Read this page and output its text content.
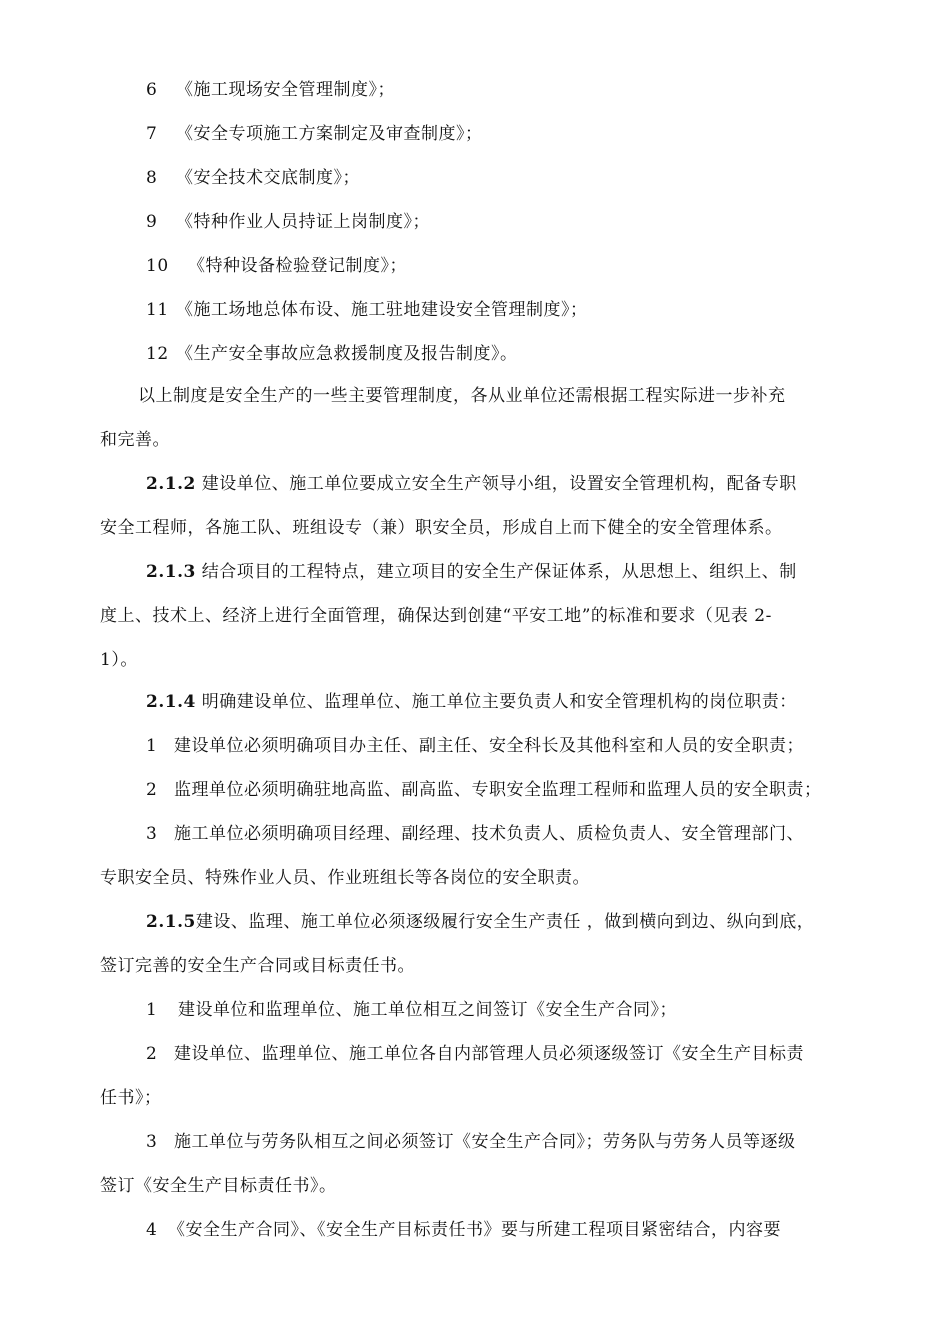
6 《施工现场安全管理制度》；
7 《安全专项施工方案制定及审查制度》；
8 《安全技术交底制度》；
9 《特种作业人员持证上岗制度》；
10 《特种设备检验登记制度》；
11 《施工场地总体布设、施工驻地建设安全管理制度》；
12 《生产安全事故应急救援制度及报告制度》。
以上制度是安全生产的一些主要管理制度，各从业单位还需根据工程实际进一步补充
和完善。
2.1.2 建设单位、施工单位要成立安全生产领导小组，设置安全管理机构，配备专职
安全工程师，各施工队、班组设专（兼）职安全员，形成自上而下健全的安全管理体系。
2.1.3 结合项目的工程特点，建立项目的安全生产保证体系，从思想上、组织上、制
度上、技术上、经济上进行全面管理，确保达到创建“平安工地”的标准和要求（见表 2-
1）。
2.1.4 明确建设单位、监理单位、施工单位主要负责人和安全管理机构的岗位职责：
1 建设单位必须明确项目办主任、副主任、安全科长及其他科室和人员的安全职责；
2 监理单位必须明确驻地高监、副高监、专职安全监理工程师和监理人员的安全职责；
3 施工单位必须明确项目经理、副经理、技术负责人、质检负责人、安全管理部门、
专职安全员、特殊作业人员、作业班组长等各岗位的安全职责。
2.1.5建设、监理、施工单位必须逐级履行安全生产责任 ，做到横向到边、纵向到底，
签订完善的安全生产合同或目标责任书。
1 建设单位和监理单位、施工单位相互之间签订《安全生产合同》；
2 建设单位、监理单位、施工单位各自内部管理人员必须逐级签订《安全生产目标责
任书》；
3 施工单位与劳务队相互之间必须签订《安全生产合同》；劳务队与劳务人员等逐级
签订《安全生产目标责任书》。
4 《安全生产合同》、《安全生产目标责任书》要与所建工程项目紧密结合，内容要
